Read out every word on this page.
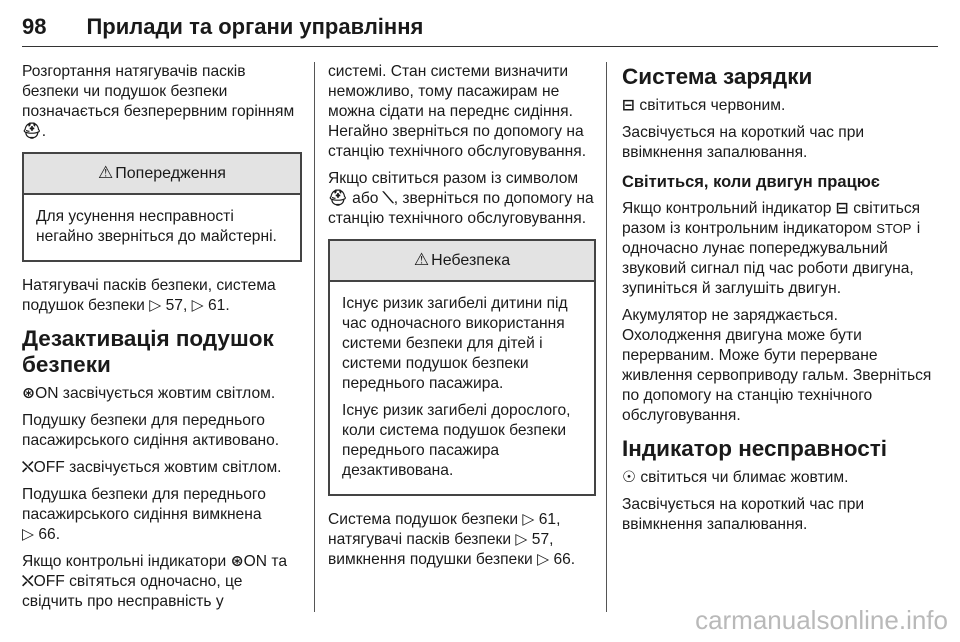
98 Прилади та органи управління

Розгортання натягувачів пасків безпеки чи подушок безпеки позначається безперервним горінням ⛑.

⚠ Попередження

Для усунення несправності негайно зверніться до майстерні.

Натягувачі пасків безпеки, система подушок безпеки ▷ 57, ▷ 61.

Дезактивація подушок безпеки

⊛ON засвічується жовтим світлом.

Подушку безпеки для переднього пасажирського сидіння активовано.

⛌OFF засвічується жовтим світлом.

Подушка безпеки для переднього пасажирського сидіння вимкнена
▷ 66.

Якщо контрольні індикатори ⊛ON та ⛌OFF світяться одночасно, це свідчить про несправність у

системі. Стан системи визначити неможливо, тому пасажирам не можна сідати на переднє сидіння. Негайно зверніться по допомогу на станцію технічного обслуговування.

Якщо світиться разом із символом
⛑ або ⟍, зверніться по допомогу на станцію технічного обслуговування.

⚠ Небезпека

Існує ризик загибелі дитини під час одночасного використання системи безпеки для дітей і системи подушок безпеки переднього пасажира.

Існує ризик загибелі дорослого, коли система подушок безпеки переднього пасажира дезактивована.

Система подушок безпеки ▷ 61, натягувачі пасків безпеки ▷ 57, вимкнення подушки безпеки ▷ 66.

Система зарядки

⊟ світиться червоним.

Засвічується на короткий час при ввімкнення запалювання.

Світиться, коли двигун працює

Якщо контрольний індикатор ⊟ світиться разом із контрольним індикатором STOP і одночасно лунає попереджувальний звуковий сигнал під час роботи двигуна, зупиніться й заглушіть двигун.

Акумулятор не заряджається. Охолодження двигуна може бути перерваним. Може бути перерване живлення сервоприводу гальм. Зверніться по допомогу на станцію технічного обслуговування.

Індикатор несправності

☉ світиться чи блимає жовтим.

Засвічується на короткий час при ввімкнення запалювання.

carmanualsonline.info
